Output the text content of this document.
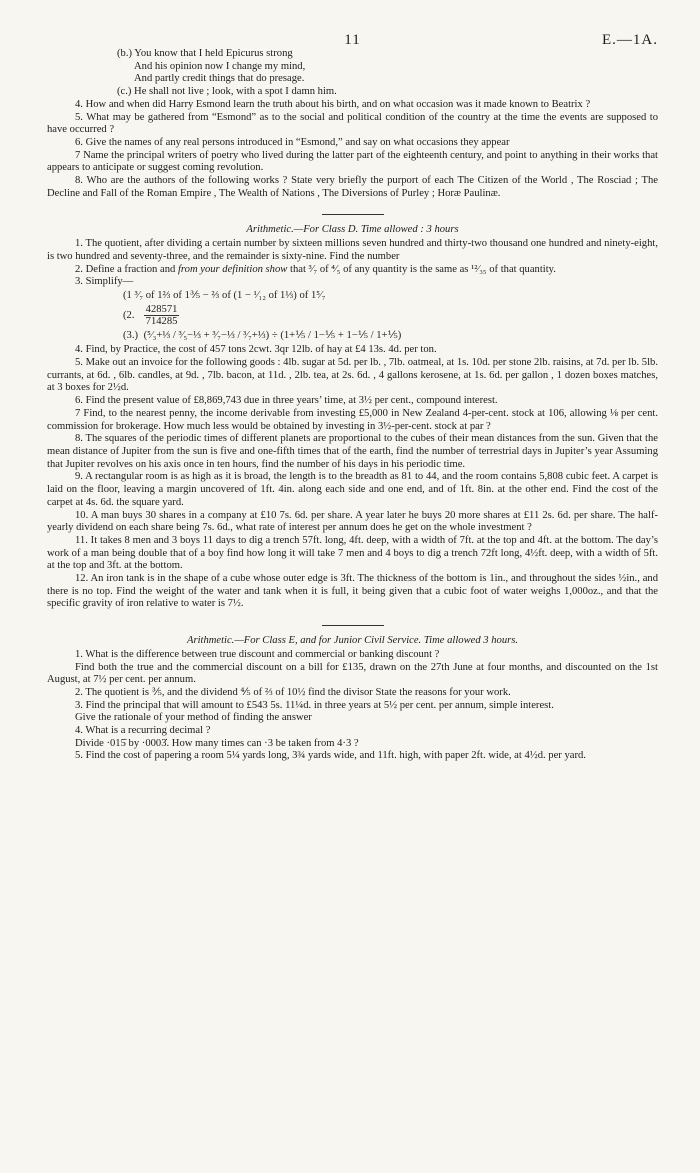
11	E.—1A.

(b.) You know that I held Epicurus strong

And his opinion now I change my mind,

And partly credit things that do presage.

(c.) He shall not live ; look, with a spot I damn him.

4. How and when did Harry Esmond learn the truth about his birth, and on what occasion was it made known to Beatrix ?

5. What may be gathered from “Esmond” as to the social and political condition of the country at the time the events are supposed to have occurred ?

6. Give the names of any real persons introduced in “Esmond,” and say on what occasions they appear

7 Name the principal writers of poetry who lived during the latter part of the eighteenth century, and point to anything in their works that appears to anticipate or suggest coming revolution.

8. Who are the authors of the following works ? State very briefly the purport of each The Citizen of the World , The Rosciad ; The Decline and Fall of the Roman Empire , The Wealth of Nations , The Diversions of Purley ; Horæ Paulinæ.

Arithmetic.—For Class D. Time allowed : 3 hours

1. The quotient, after dividing a certain number by sixteen millions seven hundred and thirty-two thousand one hundred and ninety-eight, is two hundred and seventy-three, and the remainder is sixty-nine. Find the number

2. Define a fraction and from your definition show that ³⁄₇ of ⁴⁄₅ of any quantity is the same as ¹²⁄₃₅ of that quantity.

3. Simplify—

(1 ³⁄₇ of 1⅔ of 1⅗ − ⅔ of (1 − ¹⁄₁₂ of 1⅓) of 1⁵⁄₇

(2. $\frac{428571}{714285}$

(3.) (⁵⁄₃+⅓ / ³⁄₅−⅓ + ³⁄₇−⅓ / ³⁄₇+⅓) ÷ (1+⅕ / 1−⅕ + 1−⅕ / 1+⅕)

4. Find, by Practice, the cost of 457 tons 2cwt. 3qr 12lb. of hay at £4 13s. 4d. per ton.

5. Make out an invoice for the following goods : 4lb. sugar at 5d. per lb. , 7lb. oatmeal, at 1s. 10d. per stone 2lb. raisins, at 7d. per lb. 5lb. currants, at 6d. , 6lb. candles, at 9d. , 7lb. bacon, at 11d. , 2lb. tea, at 2s. 6d. , 4 gallons kerosene, at 1s. 6d. per gallon , 1 dozen boxes matches, at 3 boxes for 2½d.

6. Find the present value of £8,869,743 due in three years’ time, at 3½ per cent., compound interest.

7 Find, to the nearest penny, the income derivable from investing £5,000 in New Zealand 4-per-cent. stock at 106, allowing ⅛ per cent. commission for brokerage. How much less would be obtained by investing in 3½-per-cent. stock at par ?

8. The squares of the periodic times of different planets are proportional to the cubes of their mean distances from the sun. Given that the mean distance of Jupiter from the sun is five and one-fifth times that of the earth, find the number of terrestrial days in Jupiter’s year Assuming that Jupiter revolves on his axis once in ten hours, find the number of his days in his periodic time.

9. A rectangular room is as high as it is broad, the length is to the breadth as 81 to 44, and the room contains 5,808 cubic feet. A carpet is laid on the floor, leaving a margin uncovered of 1ft. 4in. along each side and one end, and of 1ft. 8in. at the other end. Find the cost of the carpet at 4s. 6d. the square yard.

10. A man buys 30 shares in a company at £10 7s. 6d. per share. A year later he buys 20 more shares at £11 2s. 6d. per share. The half-yearly dividend on each share being 7s. 6d., what rate of interest per annum does he get on the whole investment ?

11. It takes 8 men and 3 boys 11 days to dig a trench 57ft. long, 4ft. deep, with a width of 7ft. at the top and 4ft. at the bottom. The day’s work of a man being double that of a boy find how long it will take 7 men and 4 boys to dig a trench 72ft long, 4½ft. deep, with a width of 5ft. at the top and 3ft. at the bottom.

12. An iron tank is in the shape of a cube whose outer edge is 3ft. The thickness of the bottom is 1in., and throughout the sides ½in., and there is no top. Find the weight of the water and tank when it is full, it being given that a cubic foot of water weighs 1,000oz., and that the specific gravity of iron relative to water is 7½.

Arithmetic.—For Class E, and for Junior Civil Service. Time allowed 3 hours.

1. What is the difference between true discount and commercial or banking discount ?

Find both the true and the commercial discount on a bill for £135, drawn on the 27th June at four months, and discounted on the 1st August, at 7½ per cent. per annum.

2. The quotient is ⅗, and the dividend ⅘ of ⅔ of 10½ find the divisor State the reasons for your work.

3. Find the principal that will amount to £543 5s. 11¼d. in three years at 5½ per cent. per annum, simple interest.

Give the rationale of your method of finding the answer

4. What is a recurring decimal ?

Divide ·015̇ by ·0003̇. How many times can ·3 be taken from 4·3 ?

5. Find the cost of papering a room 5¼ yards long, 3¾ yards wide, and 11ft. high, with paper 2ft. wide, at 4½d. per yard.
